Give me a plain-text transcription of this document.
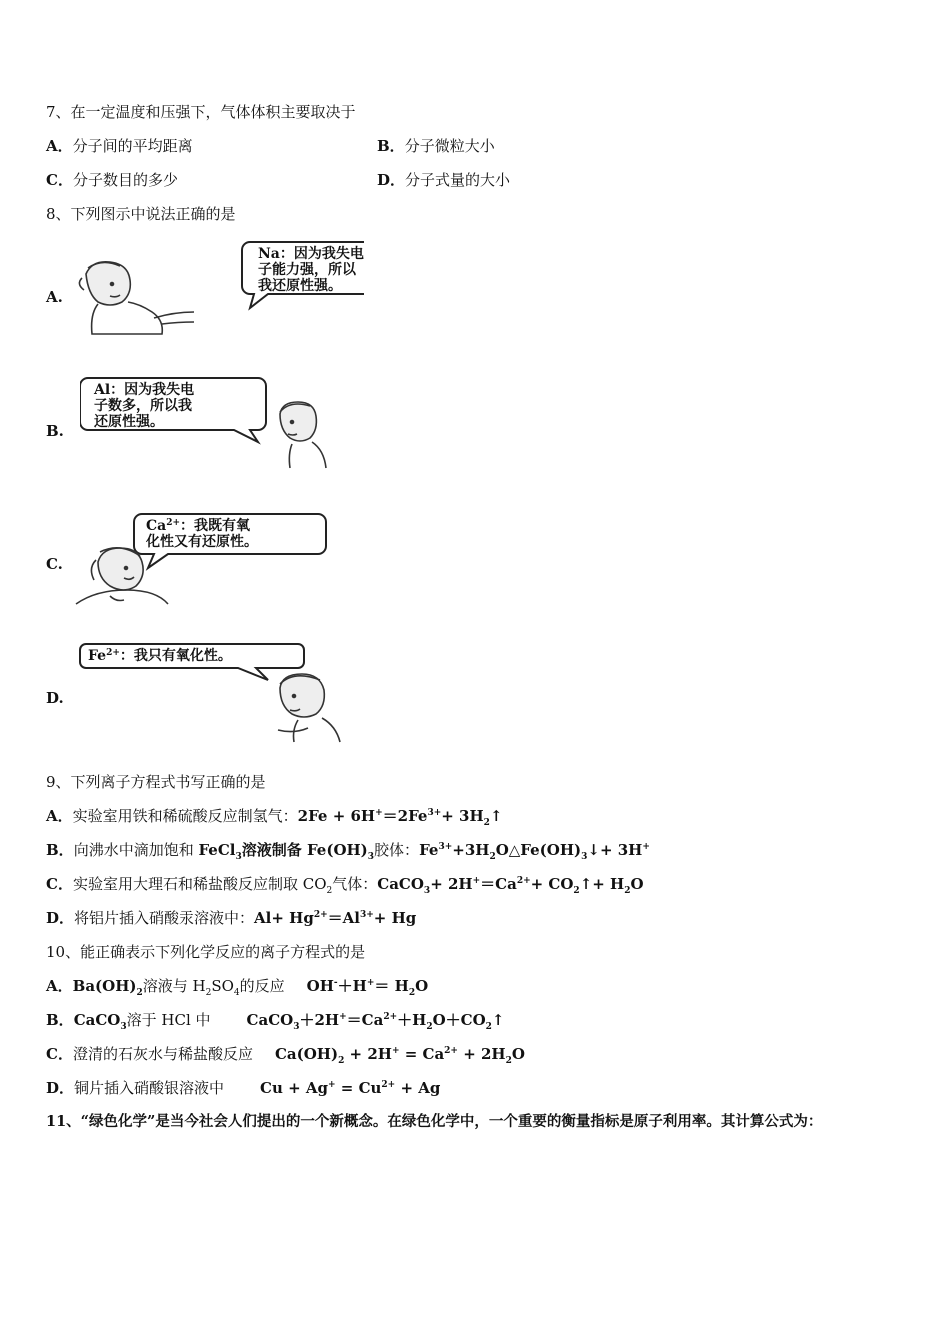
7、在一定温度和压强下，气体体积主要取决于
A．分子间的平均距离	B．分子微粒大小
C．分子数目的多少	D．分子式量的大小
8、下列图示中说法正确的是
A.
Na：因为我失电
子能力强，所以
我还原性强。
B.
Al：因为我失电
子数多，所以我
还原性强。
C.
$Ca^{2+}$：我既有氧
化性又有还原性。
D.
$Fe^{2+}$：我只有氧化性。
9、下列离子方程式书写正确的是
A．实验室用铁和稀硫酸反应制氢气：$2Fe + 6H^+=2Fe^{3+}+$ $3H_2↑$
B．向沸水中滴加饱和 FeCl$_3$溶液制备 $Fe(OH)_3$胶体：$Fe^{3+}+3H_2O\triangle Fe(OH)_3↓+ 3H^+$
C．实验室用大理石和稀盐酸反应制取 $CO_2$气体：CaCO$_3$+ $2H^+=Ca^{2+}+$ $CO_2↑+ H_2O$
D．将铝片插入硝酸汞溶液中：$Al+ Hg^{2+}=Al^{3+}+ Hg$
10、能正确表示下列化学反应的离子方程式的是
A．$Ba(OH)_2$溶液与 $H_2SO_4$的反应 $OH^-+H^+= H_2O$
B．CaCO$_3$溶于 HCl 中 $CaCO_3+2H^+=Ca^{2+}+H_2O+CO_2↑$
C．澄清的石灰水与稀盐酸反应 $Ca(OH)_2 + 2H^+ = Ca^{2+} + 2H_2O$
D．铜片插入硝酸银溶液中 $Cu + Ag^+ = Cu^{2+} + Ag$
11、“绿色化学”是当今社会人们提出的一个新概念。在绿色化学中，一个重要的衡量指标是原子利用率。其计算公式为：
